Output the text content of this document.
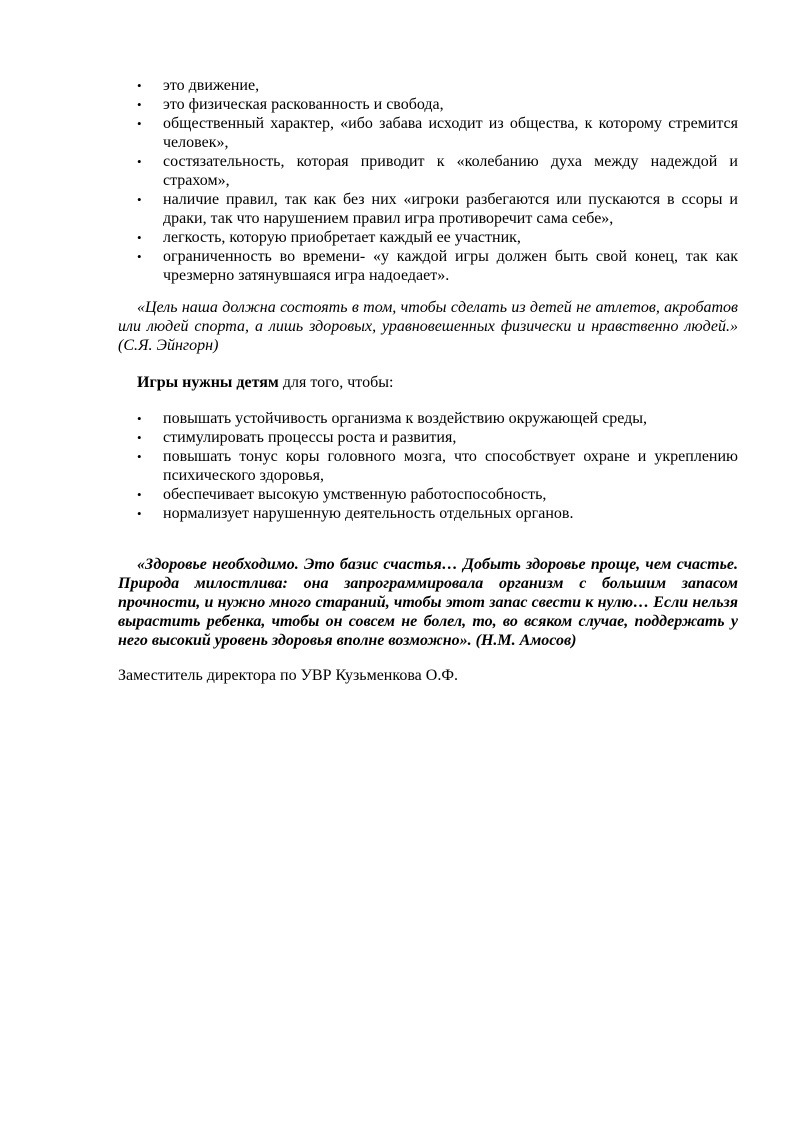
• это движение,
• это физическая раскованность и свобода,
• общественный характер, «ибо забава исходит из общества, к которому стремится человек»,
• состязательность, которая приводит к «колебанию духа между надеждой и страхом»,
• наличие правил, так как без них «игроки разбегаются или пускаются в ссоры и драки, так что нарушением правил игра противоречит сама себе»,
• легкость, которую приобретает каждый ее участник,
• ограниченность во времени- «у каждой игры должен быть свой конец, так как чрезмерно затянувшаяся игра надоедает».

«Цель наша должна состоять в том, чтобы сделать из детей не атлетов, акробатов или людей спорта, а лишь здоровых, уравновешенных физически и нравственно людей.» (С.Я. Эйнгорн)

Игры нужны детям для того, чтобы:

• повышать устойчивость организма к воздействию окружающей среды,
• стимулировать процессы роста и развития,
• повышать тонус коры головного мозга, что способствует охране и укреплению психического здоровья,
• обеспечивает высокую умственную работоспособность,
• нормализует нарушенную деятельность отдельных органов.

«Здоровье необходимо. Это базис счастья… Добыть здоровье проще, чем счастье. Природа милостлива: она запрограммировала организм с большим запасом прочности, и нужно много стараний, чтобы этот запас свести к нулю… Если нельзя вырастить ребенка, чтобы он совсем не болел, то, во всяком случае, поддержать у него высокий уровень здоровья вполне возможно». (Н.М. Амосов)

Заместитель директора по УВР Кузьменкова О.Ф.
